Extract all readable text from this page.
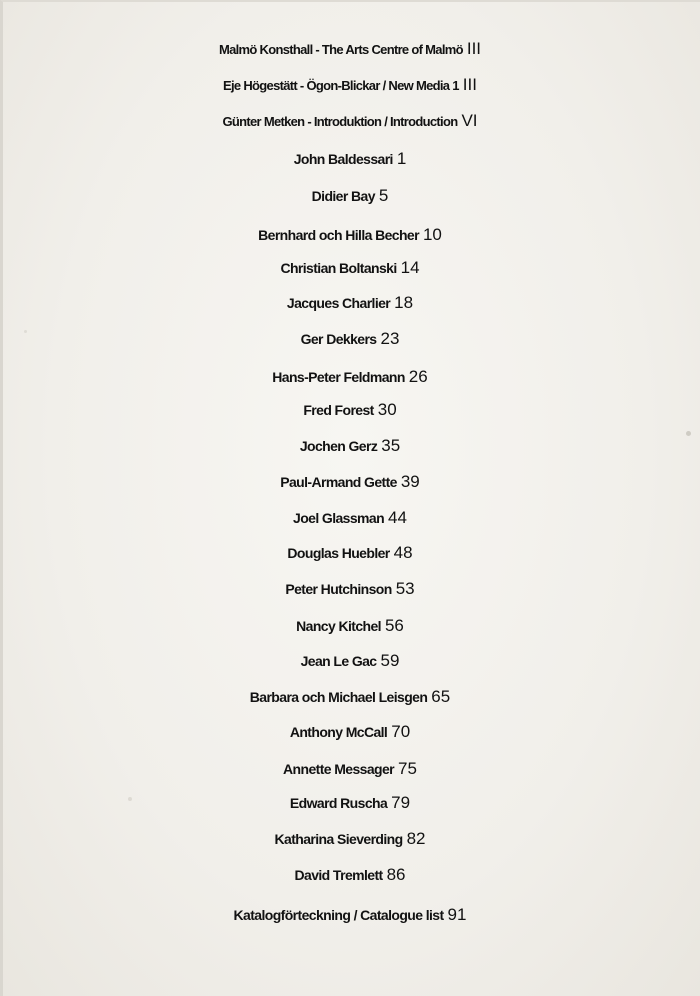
Malmö Konsthall - The Arts Centre of Malmö III
Eje Högestätt - Ögon-Blickar / New Media 1 III
Günter Metken - Introduktion / Introduction VI
John Baldessari 1
Didier Bay 5
Bernhard och Hilla Becher 10
Christian Boltanski 14
Jacques Charlier 18
Ger Dekkers 23
Hans-Peter Feldmann 26
Fred Forest 30
Jochen Gerz 35
Paul-Armand Gette 39
Joel Glassman 44
Douglas Huebler 48
Peter Hutchinson 53
Nancy Kitchel 56
Jean Le Gac 59
Barbara och Michael Leisgen 65
Anthony McCall 70
Annette Messager 75
Edward Ruscha 79
Katharina Sieverding 82
David Tremlett 86
Katalogförteckning / Catalogue list 91
